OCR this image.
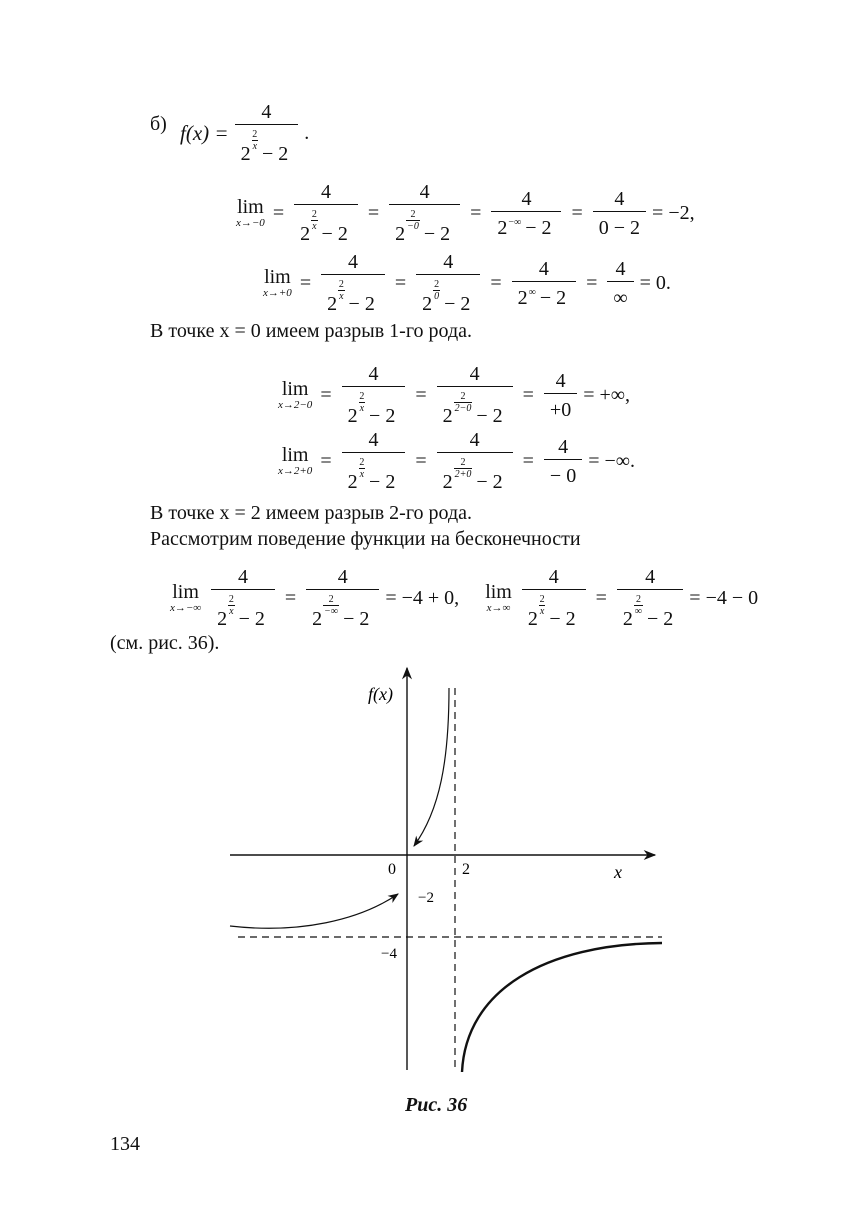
б) f(x) = 4
2
$\frac{2}{x}$
− 2 .
lim
x→−0 = 4
2
$\frac{2}{x}$
− 2 = 4
2
$\frac{2}{-0}$
− $2 = \frac{4}{2 -\infty - 2} = \frac{4}{0 - 2} = -2$,
lim
x→+0 = 4
2
$\frac{2}{x}$
− 2 = 4
2
$\frac{2}{0}$
− $2 = \frac{4}{2 \infty - 2} = \frac{4}{\infty} = 0$.
В точке x = 0 имеем разрыв 1-го рода.
lim
x→2−0 = 4
2
$\frac{2}{x}$
− 2 = 4
2
$\frac{2}{2-0}$
− $2 = \frac{4}{+0}$ = +∞,
lim
x→2+0 = 4
2
$\frac{2}{x}$
− 2 = 4
2
$\frac{2}{2+0}$
− $2 = \frac{4}{- 0}$ = −∞.
В точке x = 2 имеем разрыв 2-го рода.
Рассмотрим поведение функции на бесконечности
lim
x→−∞ 4
2
$\frac{2}{x}$
− 2 = 4
2
2
−∞ − 2 = −4 + 0, lim
x→∞ 4
2
$\frac{2}{x}$
− 2 = 4
2
2
∞ − 2 = −4 − 0
(см. рис. 36).
f(x)
x
0	2
−2
−4
Рис. 36
134
